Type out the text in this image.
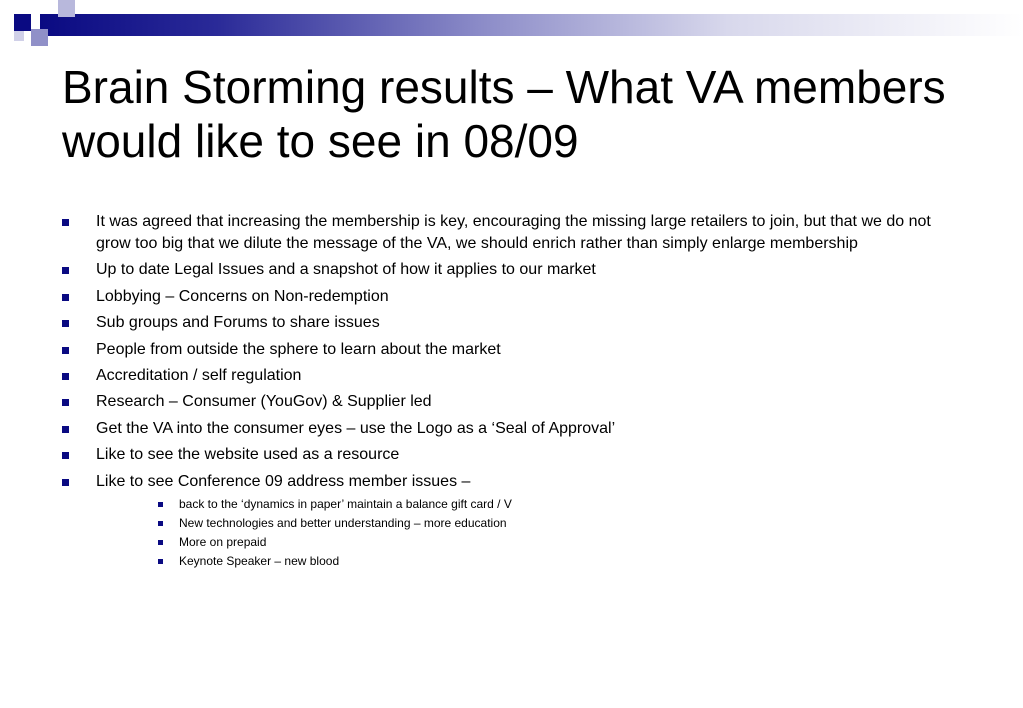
Brain Storming results – What VA members would like to see in 08/09
It was agreed that increasing the membership is key, encouraging the missing large retailers to join, but that we do not grow too big that we dilute the message of the VA, we should enrich rather than simply enlarge membership
Up to date Legal Issues and a snapshot of how it applies to our market
Lobbying – Concerns on Non-redemption
Sub groups and Forums to share issues
People from outside the sphere to learn about the market
Accreditation / self regulation
Research – Consumer (YouGov) & Supplier led
Get the VA into the consumer eyes – use the Logo as a ‘Seal of Approval’
Like to see the website used as a resource
Like to see Conference 09 address member issues –
back to the ‘dynamics in paper’ maintain a balance gift card / V
New technologies and better understanding – more education
More on prepaid
Keynote Speaker – new blood
